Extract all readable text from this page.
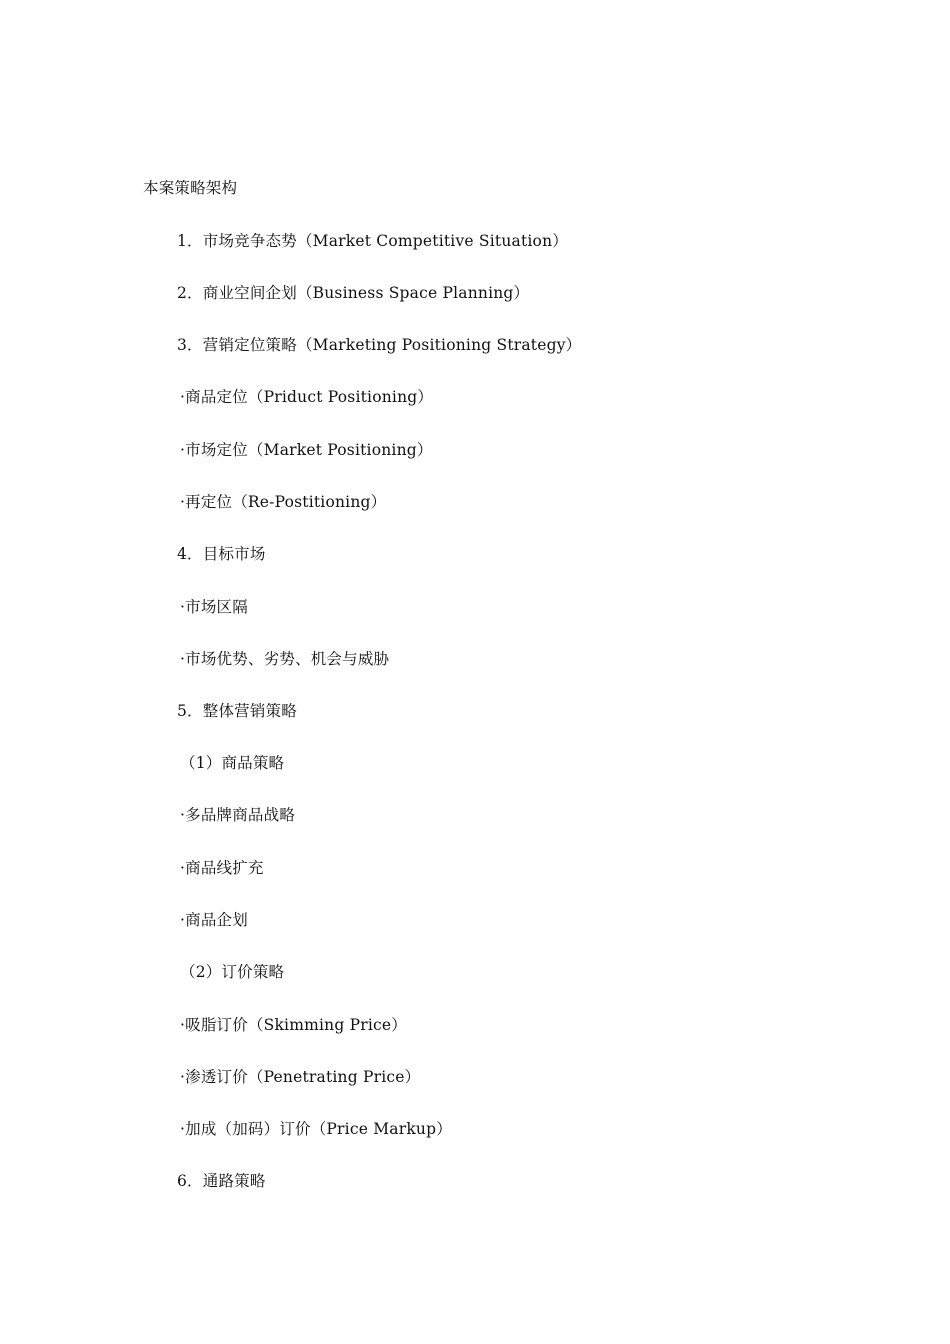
本案策略架构
1．市场竞争态势（Market Competitive Situation）
2．商业空间企划（Business Space Planning）
3．营销定位策略（Marketing Positioning Strategy）
·商品定位（Priduct Positioning）
·市场定位（Market Positioning）
·再定位（Re-Postitioning）
4．目标市场
·市场区隔
·市场优势、劣势、机会与威胁
5．整体营销策略
（1）商品策略
·多品牌商品战略
·商品线扩充
·商品企划
（2）订价策略
·吸脂订价（Skimming Price）
·渗透订价（Penetrating Price）
·加成（加码）订价（Price Markup）
6．通路策略
